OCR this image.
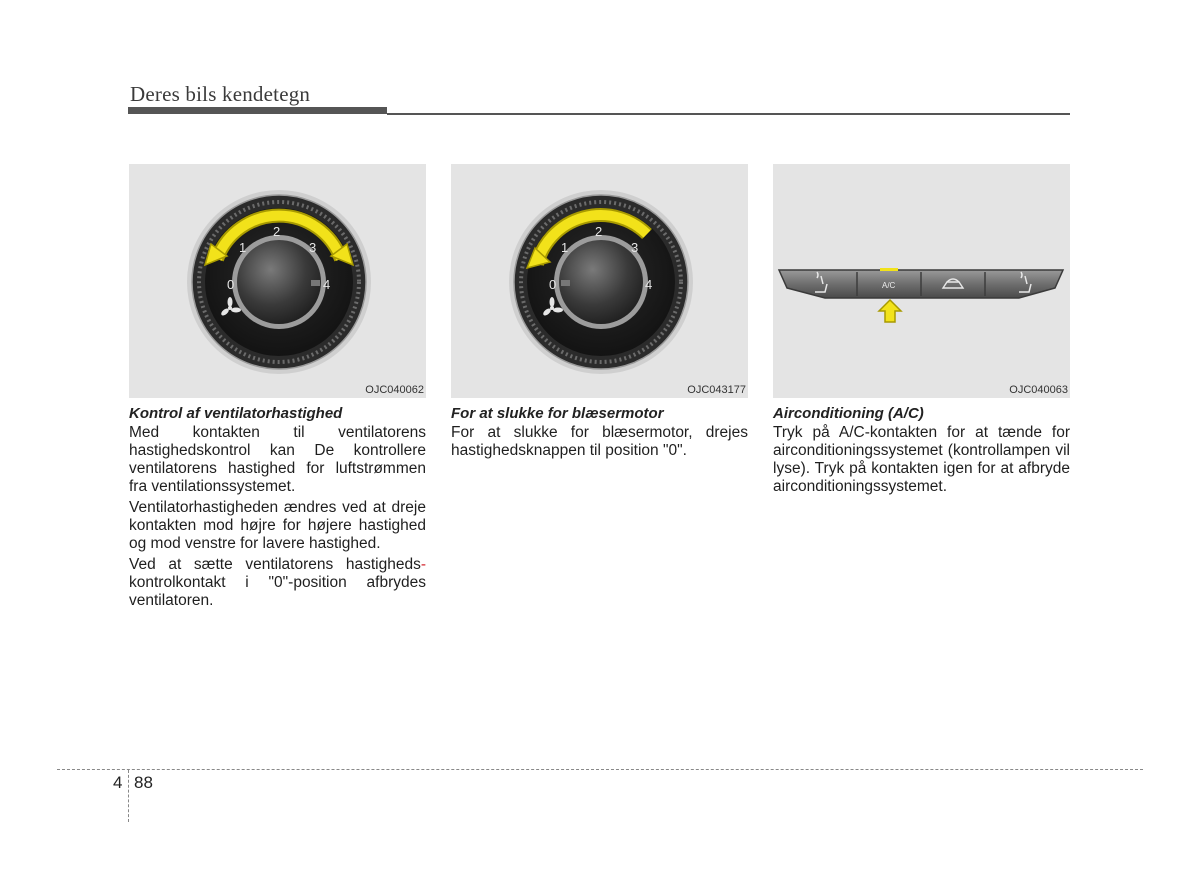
Deres bils kendetegn
0
1
2
3
4
OJC040062
Kontrol af ventilatorhastighed

Med kontakten til ventilatorens hastighedskontrol kan De kontrollere ventilatorens hastighed for luftstrømmen fra ventilationssystemet.

Ventilatorhastigheden ændres ved at dreje kontakten mod højre for højere hastighed og mod venstre for lavere hastighed.

Ved at sætte ventilatorens hastigheds- kontrolkontakt i "0"-position afbrydes ventilatoren.

0
1
2
3
4
OJC043177
For at slukke for blæsermotor

For at slukke for blæsermotor, drejes hastighedsknappen til position "0".

A/C
OJC040063
Airconditioning (A/C)

Tryk på A/C-kontakten for at tænde for airconditioningssystemet (kontrollampen vil lyse). Tryk på kontakten igen for at afbryde airconditioningssystemet.

4 88
